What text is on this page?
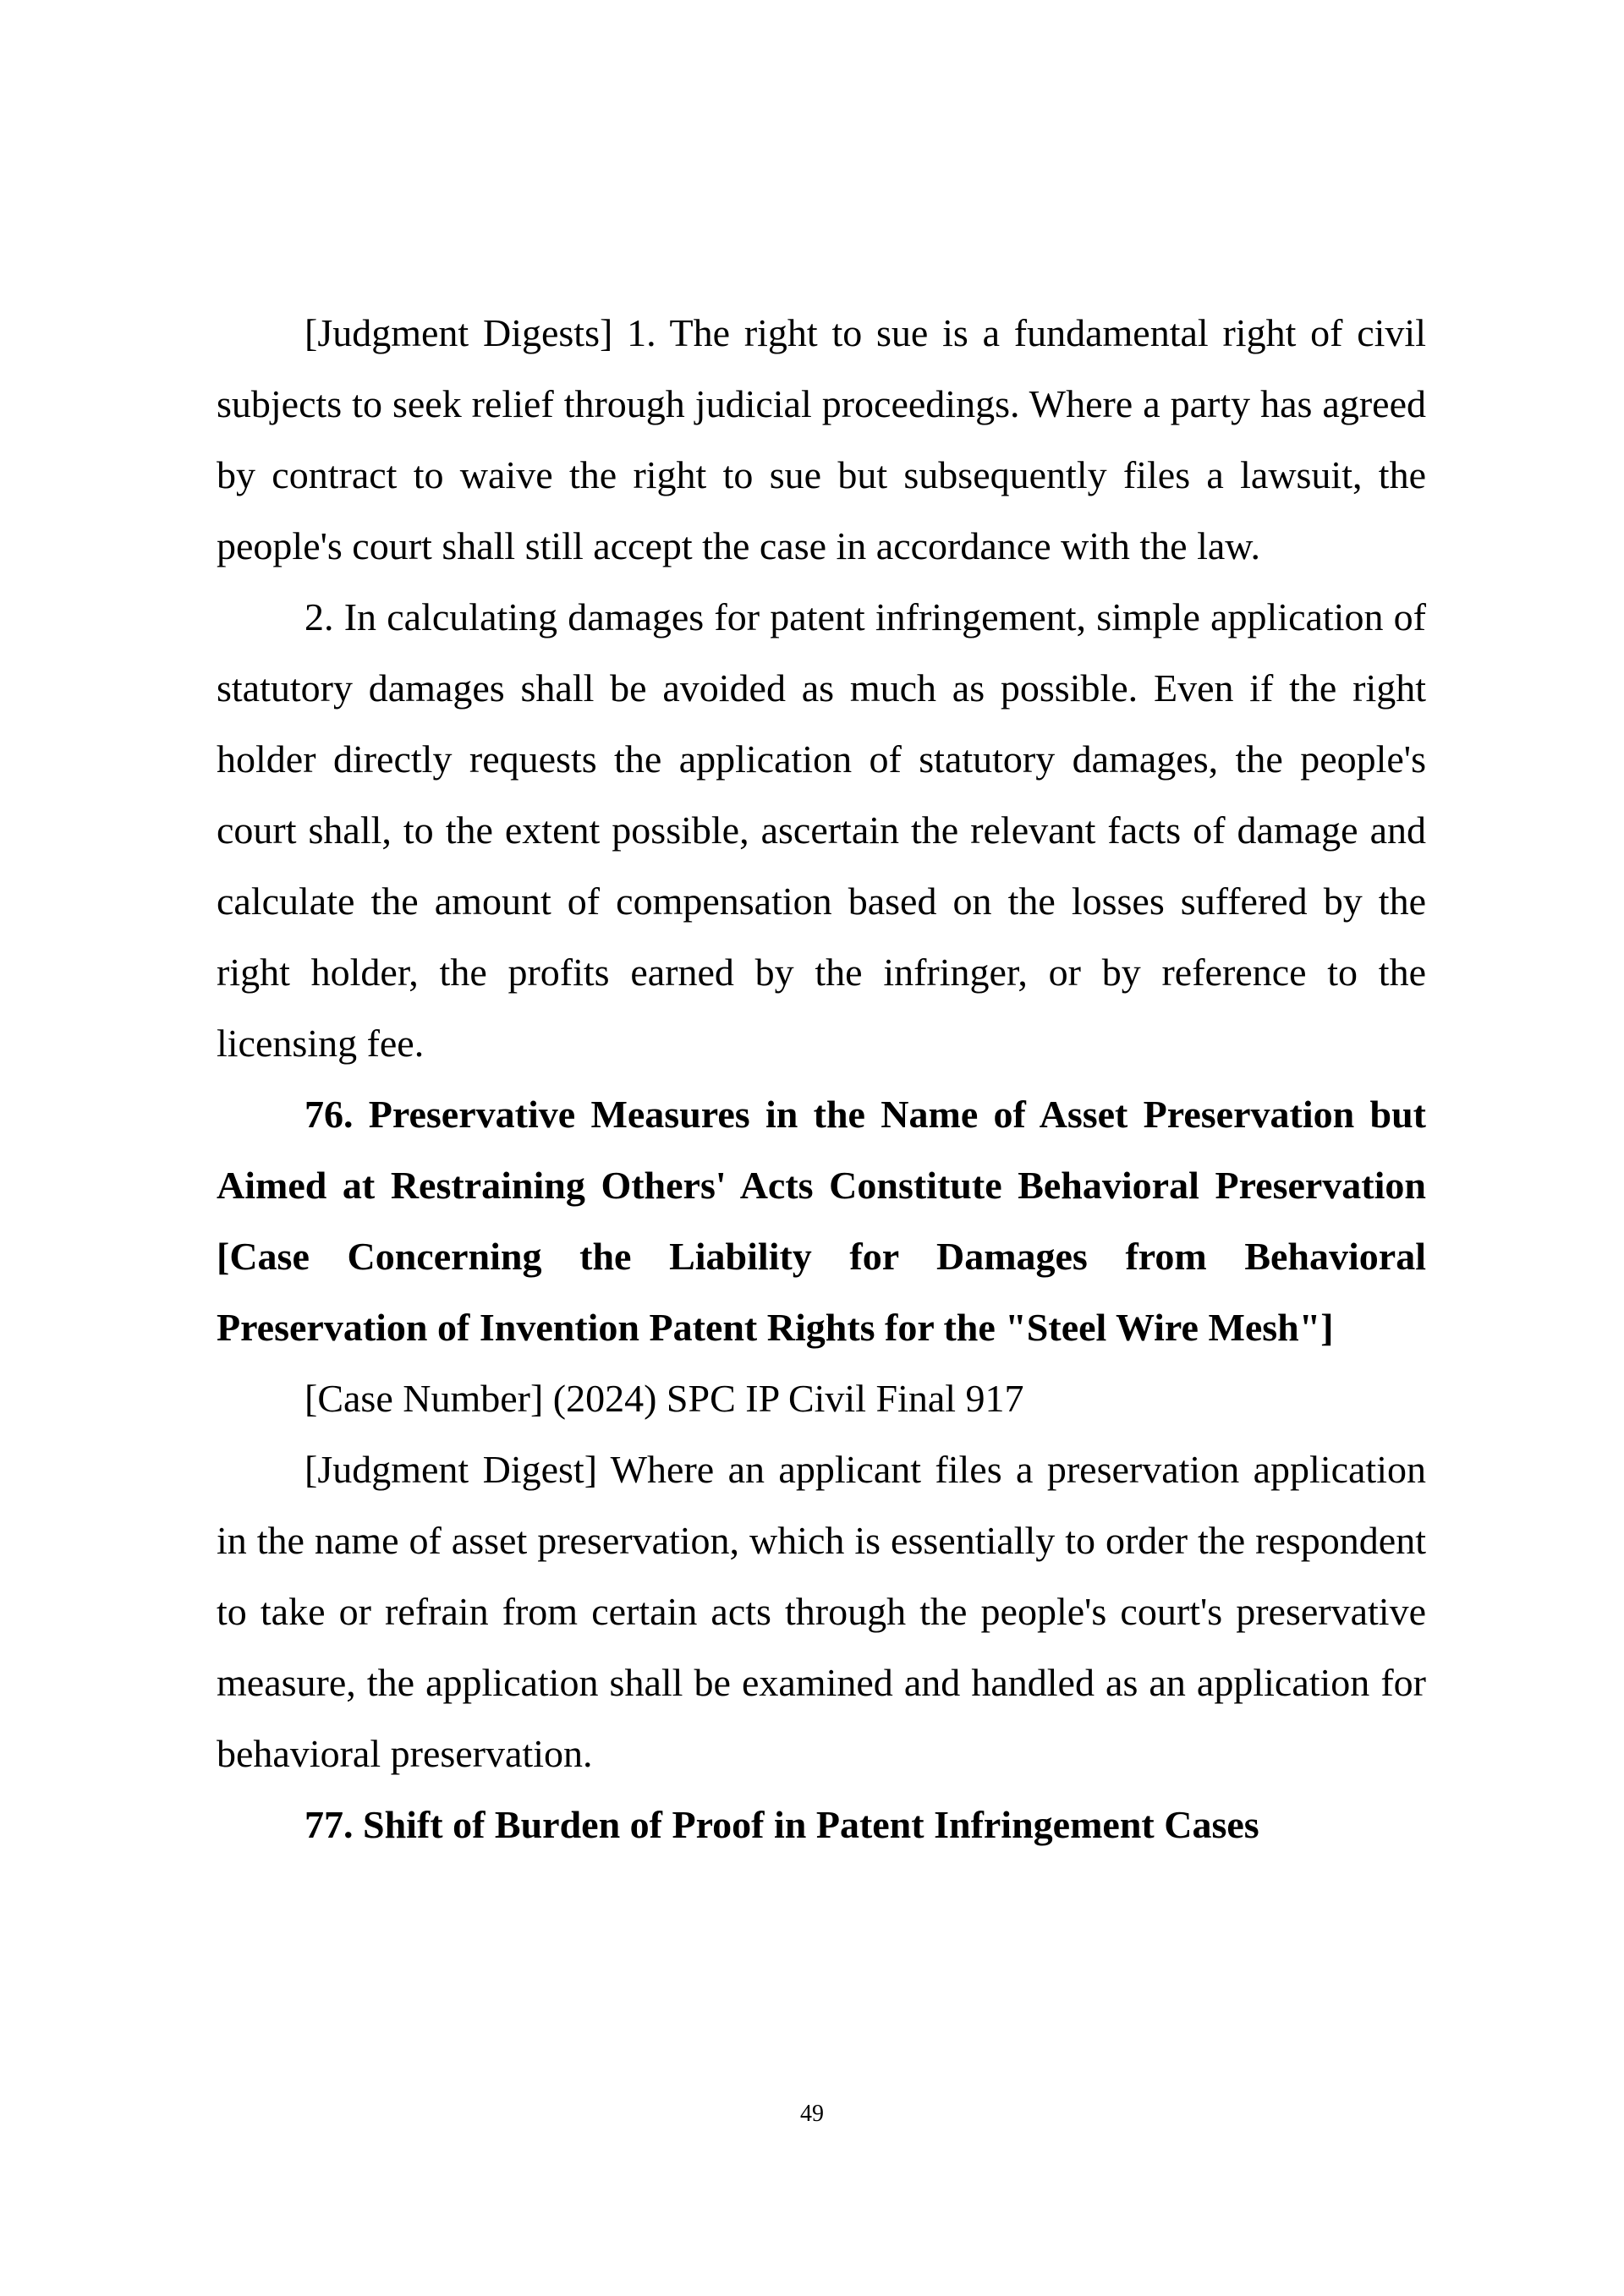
[Judgment Digests] 1. The right to sue is a fundamental right of civil subjects to seek relief through judicial proceedings. Where a party has agreed by contract to waive the right to sue but subsequently files a lawsuit, the people's court shall still accept the case in accordance with the law.

2. In calculating damages for patent infringement, simple application of statutory damages shall be avoided as much as possible. Even if the right holder directly requests the application of statutory damages, the people's court shall, to the extent possible, ascertain the relevant facts of damage and calculate the amount of compensation based on the losses suffered by the right holder, the profits earned by the infringer, or by reference to the licensing fee.

76. Preservative Measures in the Name of Asset Preservation but Aimed at Restraining Others' Acts Constitute Behavioral Preservation [Case Concerning the Liability for Damages from Behavioral Preservation of Invention Patent Rights for the "Steel Wire Mesh"]

[Case Number] (2024) SPC IP Civil Final 917

[Judgment Digest] Where an applicant files a preservation application in the name of asset preservation, which is essentially to order the respondent to take or refrain from certain acts through the people's court's preservative measure, the application shall be examined and handled as an application for behavioral preservation.

77. Shift of Burden of Proof in Patent Infringement Cases

49
